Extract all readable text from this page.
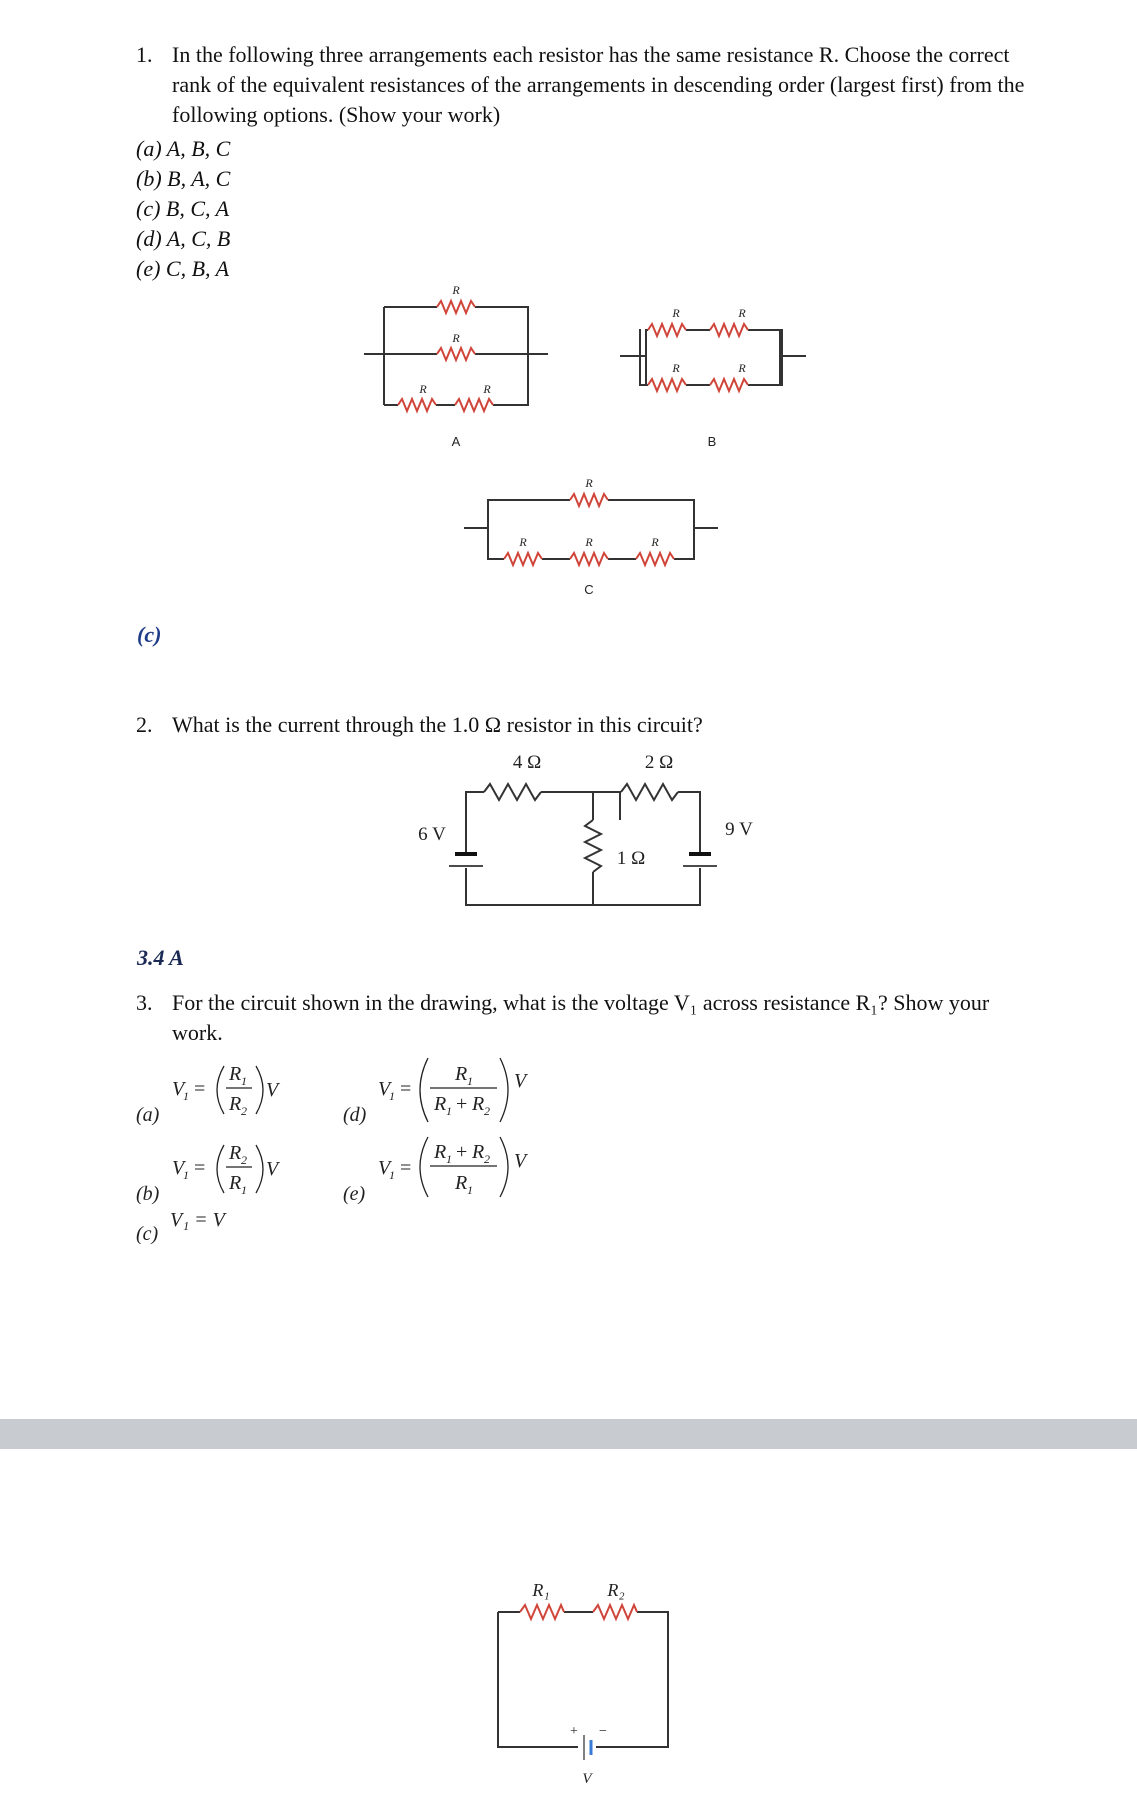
1. In the following three arrangements each resistor has the same resistance R. Choose the correct rank of the equivalent resistances of the arrangements in descending order (largest first) from the following options. (Show your work)
(a) A, B, C
(b) B, A, C
(c) B, C, A
(d) A, C, B
(e) C, B, A
R
R
R	R
A
R	R
R	R
B
R
R	R	R
C
(c)
2. What is the current through the 1.0 Ω resistor in this circuit?
4 Ω	2 Ω
1 Ω
6 V	9 V
3.4 A
3. For the circuit shown in the drawing, what is the voltage V₁ across resistance R₁? Show your work.
(a)
V
1 =
R 1
R 2
V
(b)
V
1 =
R 2
R 1
V
(c)
V₁ = V
(d)
V
1 =
R 1
R 1 + R 2
V
(e)
V
1 =
R 1 + R 2
R 1
V
R₁	R₂
+ −
V
